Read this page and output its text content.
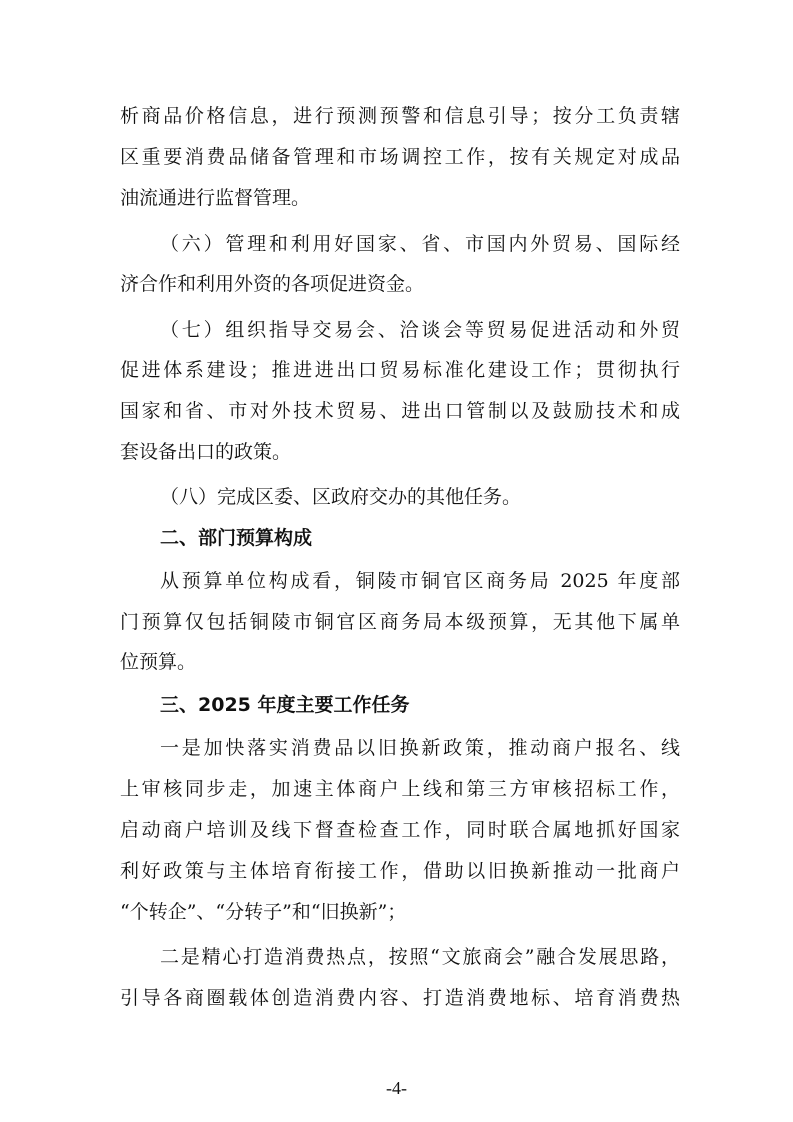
析商品价格信息，进行预测预警和信息引导；按分工负责辖
区重要消费品储备管理和市场调控工作，按有关规定对成品
油流通进行监督管理。
（六）管理和利用好国家、省、市国内外贸易、国际经
济合作和利用外资的各项促进资金。
（七）组织指导交易会、洽谈会等贸易促进活动和外贸
促进体系建设；推进进出口贸易标准化建设工作；贯彻执行
国家和省、市对外技术贸易、进出口管制以及鼓励技术和成
套设备出口的政策。
（八）完成区委、区政府交办的其他任务。
二、部门预算构成
从预算单位构成看，铜陵市铜官区商务局 2025 年度部
门预算仅包括铜陵市铜官区商务局本级预算，无其他下属单
位预算。
三、2025 年度主要工作任务
一是加快落实消费品以旧换新政策，推动商户报名、线
上审核同步走，加速主体商户上线和第三方审核招标工作，
启动商户培训及线下督查检查工作，同时联合属地抓好国家
利好政策与主体培育衔接工作，借助以旧换新推动一批商户
“个转企”、“分转子”和“旧换新”；
二是精心打造消费热点，按照“文旅商会”融合发展思路，
引导各商圈载体创造消费内容、打造消费地标、培育消费热
-4-
